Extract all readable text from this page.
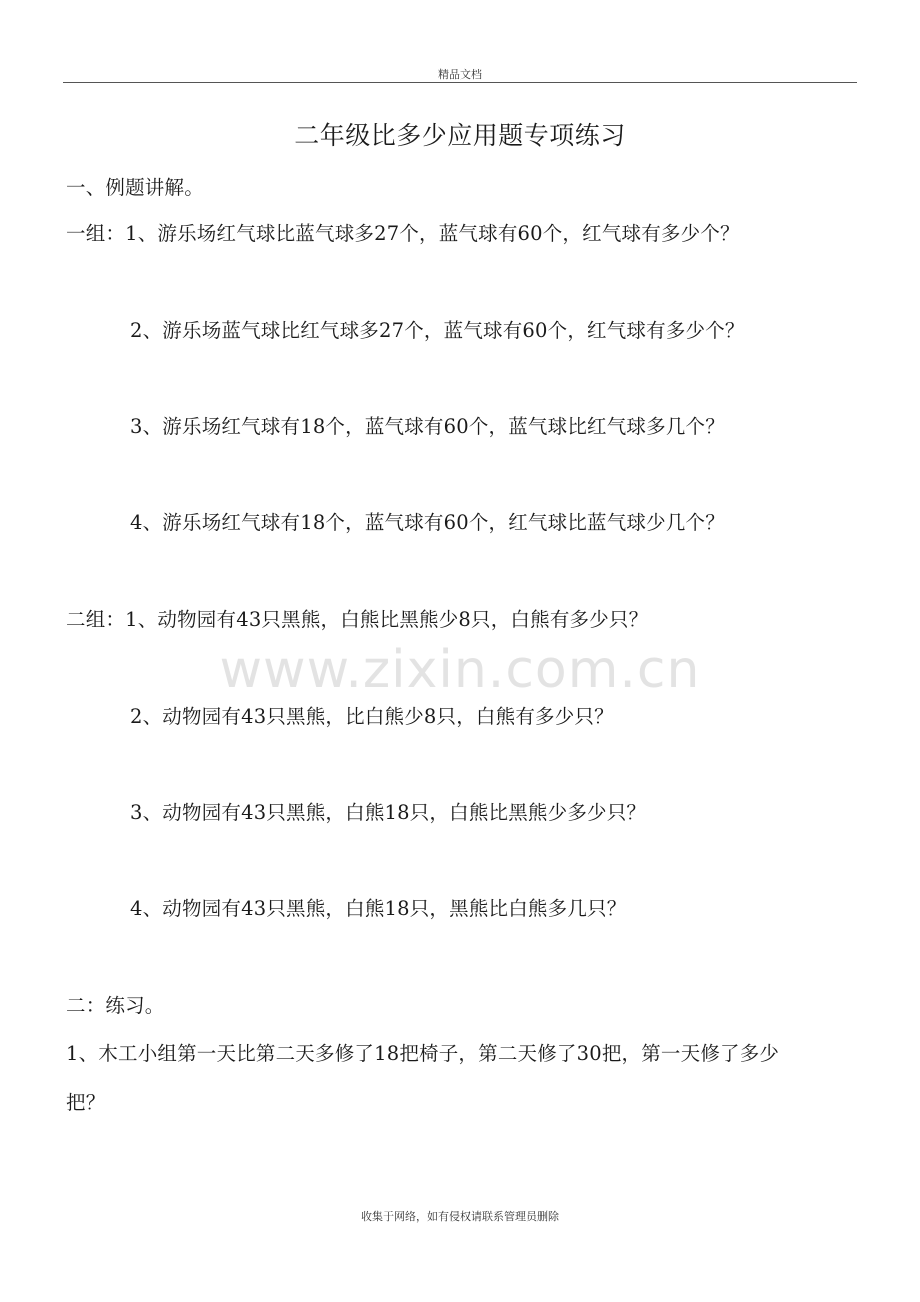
精品文档
www.zixin.com.cn
二年级比多少应用题专项练习
一、例题讲解。
一组：1、游乐场红气球比蓝气球多27个，蓝气球有60个，红气球有多少个？
2、游乐场蓝气球比红气球多27个，蓝气球有60个，红气球有多少个？
3、游乐场红气球有18个，蓝气球有60个，蓝气球比红气球多几个？
4、游乐场红气球有18个，蓝气球有60个，红气球比蓝气球少几个？
二组：1、动物园有43只黑熊，白熊比黑熊少8只，白熊有多少只？
2、动物园有43只黑熊，比白熊少8只，白熊有多少只？
3、动物园有43只黑熊，白熊18只，白熊比黑熊少多少只？
4、动物园有43只黑熊，白熊18只，黑熊比白熊多几只？
二：练习。
1、木工小组第一天比第二天多修了18把椅子，第二天修了30把，第一天修了多少
把？
收集于网络，如有侵权请联系管理员删除
